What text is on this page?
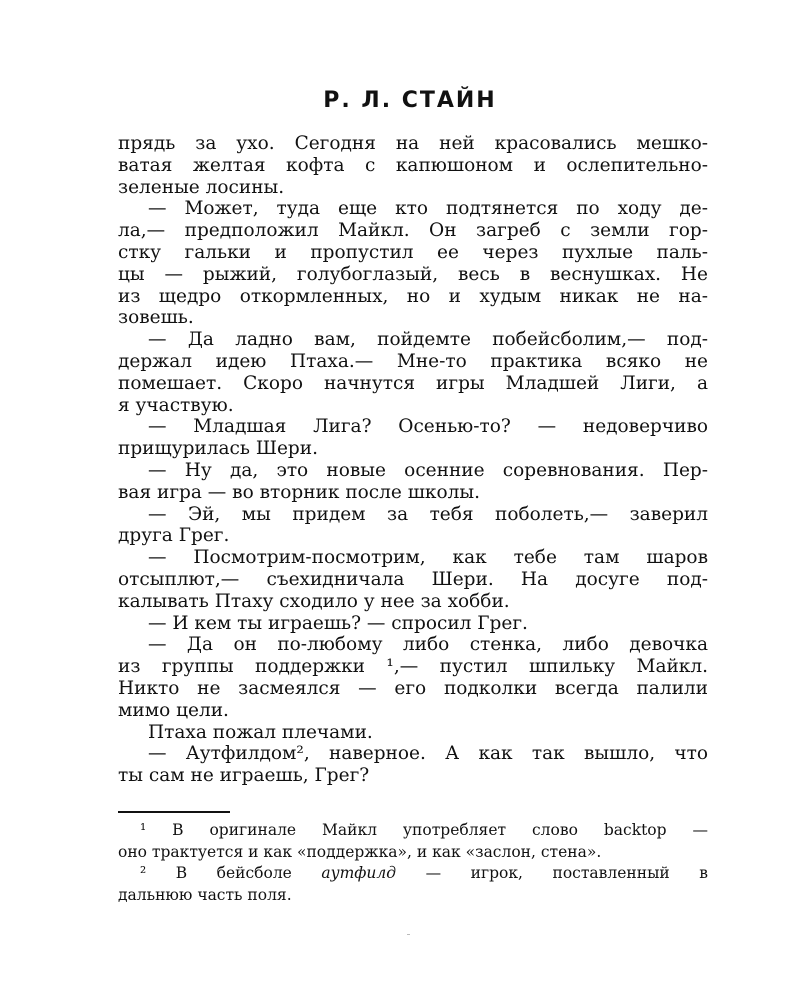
Р. Л. СТАЙН
прядь за ухо. Сегодня на ней красовались мешко-
ватая желтая кофта с капюшоном и ослепительно-
зеленые лосины.
— Может, туда еще кто подтянется по ходу де-
ла,— предположил Майкл. Он загреб с земли гор-
стку гальки и пропустил ее через пухлые паль-
цы — рыжий, голубоглазый, весь в веснушках. Не
из щедро откормленных, но и худым никак не на-
зовешь.
— Да ладно вам, пойдемте побейсболим,— под-
держал идею Птаха.— Мне-то практика всяко не
помешает. Скоро начнутся игры Младшей Лиги, а
я участвую.
— Младшая Лига? Осенью-то? — недоверчиво
прищурилась Шери.
— Ну да, это новые осенние соревнования. Пер-
вая игра — во вторник после школы.
— Эй, мы придем за тебя поболеть,— заверил
друга Грег.
— Посмотрим-посмотрим, как тебе там шаров
отсыплют,— съехидничала Шери. На досуге под-
калывать Птаху сходило у нее за хобби.
— И кем ты играешь? — спросил Грег.
— Да он по-любому либо стенка, либо девочка
из группы поддержки ¹,— пустил шпильку Майкл.
Никто не засмеялся — его подколки всегда палили
мимо цели.
Птаха пожал плечами.
— Аутфилдом², наверное. А как так вышло, что
ты сам не играешь, Грег?
¹ В оригинале Майкл употребляет слово backtop —
оно трактуется и как «поддержка», и как «заслон, стена».
² В бейсболе аутфилд — игрок, поставленный в
дальнюю часть поля.
